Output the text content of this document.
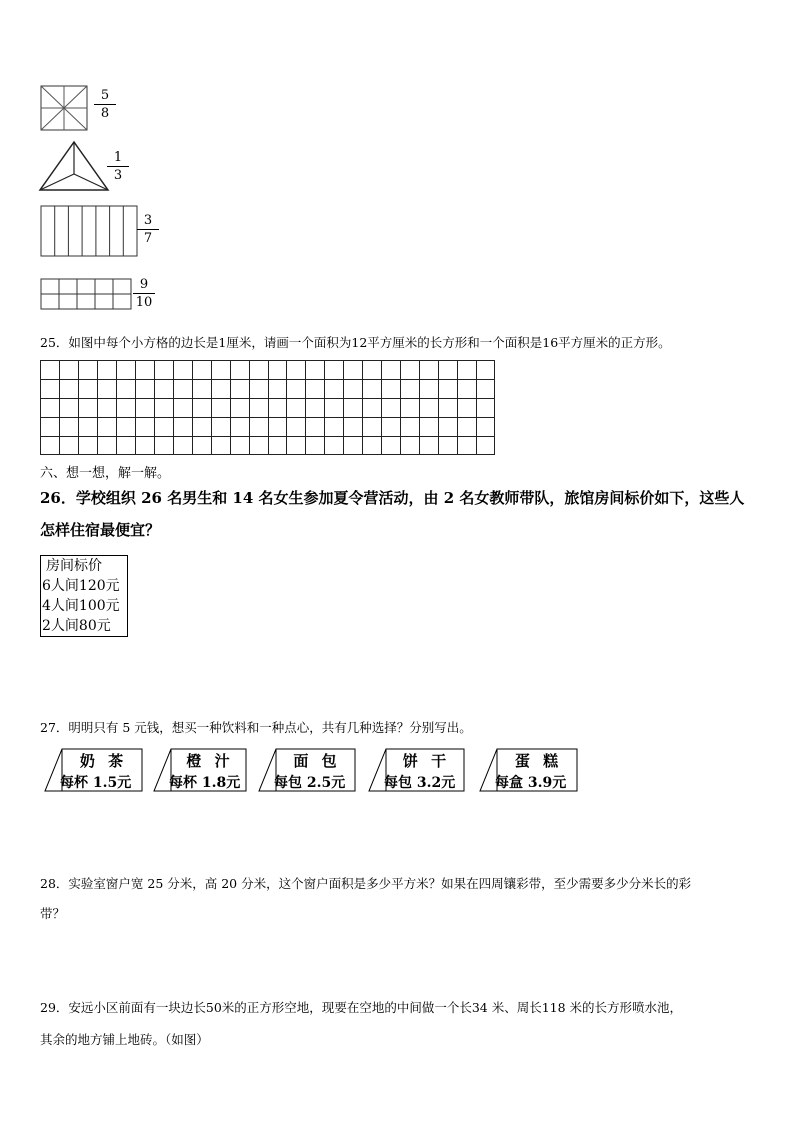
5
8
1
3
3
7
9
10
25．如图中每个小方格的边长是1厘米，请画一个面积为12平方厘米的长方形和一个面积是16平方厘米的正方形。
六、想一想，解一解。
26．学校组织 26 名男生和 14 名女生参加夏令营活动，由 2 名女教师带队，旅馆房间标价如下，这些人
怎样住宿最便宜？
房间标价
6人间120元
4人间100元
2人间80元
27．明明只有 5 元钱，想买一种饮料和一种点心，共有几种选择？分别写出。
奶 茶
每杯 1.5元
橙 汁
每杯 1.8元
面 包
每包 2.5元
饼 干
每包 3.2元
蛋 糕
每盒 3.9元
28．实验室窗户宽 25 分米，高 20 分米，这个窗户面积是多少平方米？如果在四周镶彩带，至少需要多少分米长的彩
带？
29．安远小区前面有一块边长50米的正方形空地，现要在空地的中间做一个长34 米、周长118 米的长方形喷水池，
其余的地方铺上地砖。（如图）
